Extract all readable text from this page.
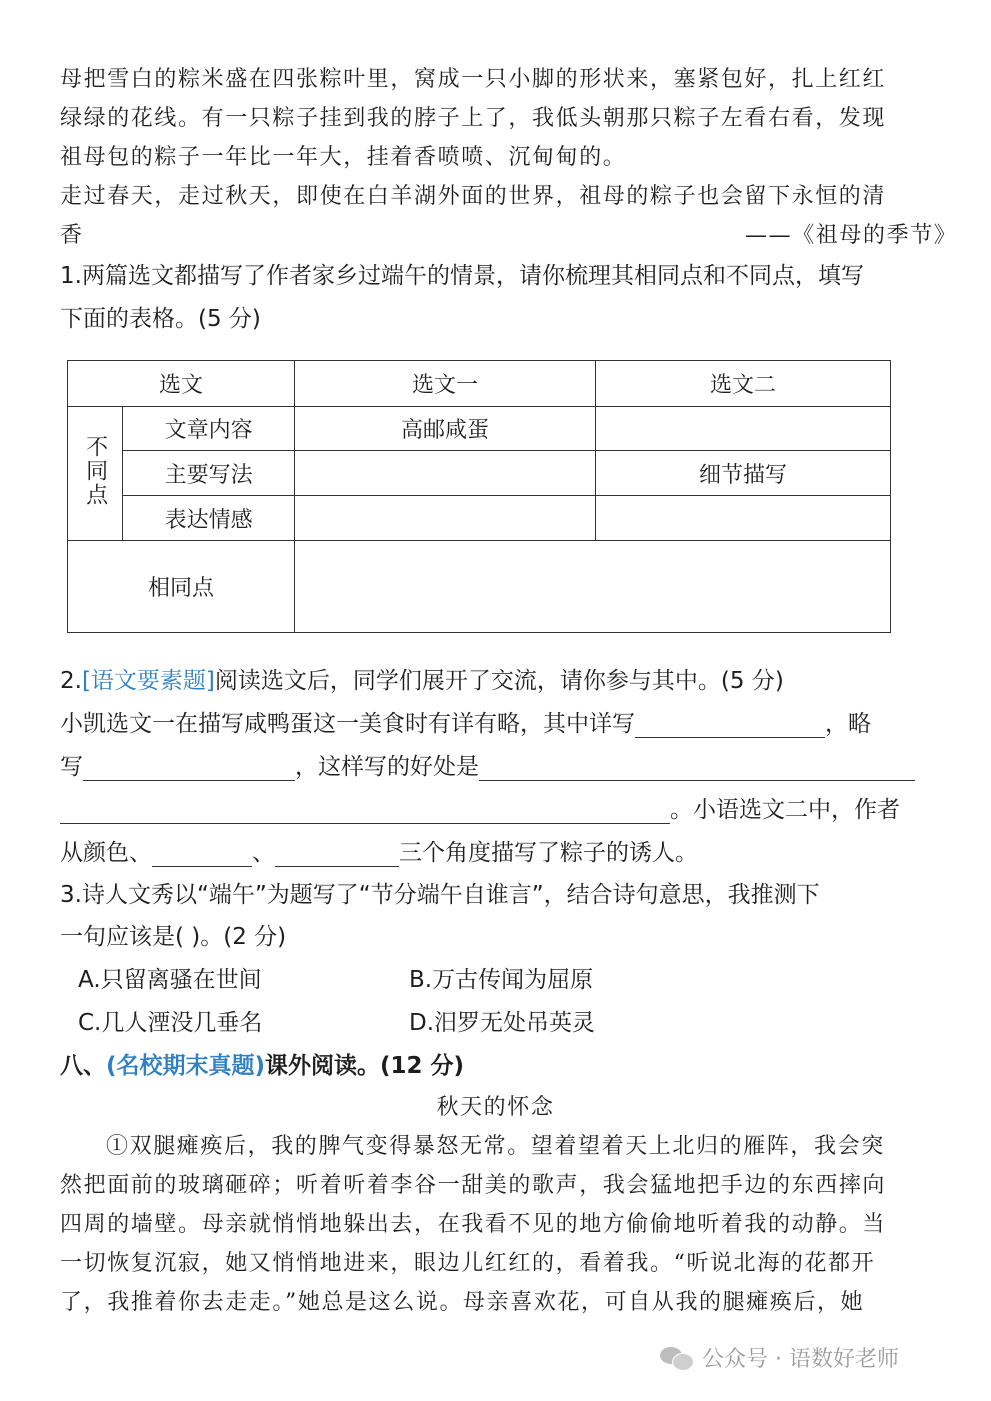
母把雪白的粽米盛在四张粽叶里，窝成一只小脚的形状来，塞紧包好，扎上红红
绿绿的花线。有一只粽子挂到我的脖子上了，我低头朝那只粽子左看右看，发现
祖母包的粽子一年比一年大，挂着香喷喷、沉甸甸的。
走过春天，走过秋天，即使在白羊湖外面的世界，祖母的粽子也会留下永恒的清
香	——《祖母的季节》
1.两篇选文都描写了作者家乡过端午的情景，请你梳理其相同点和不同点，填写
下面的表格。(5 分)
选文		选文一	选文二
不同点	文章内容	高邮咸蛋	
	主要写法		细节描写
	表达情感		
相同点			
2.[语文要素题]阅读选文后，同学们展开了交流，请你参与其中。(5 分)
小凯选文一在描写咸鸭蛋这一美食时有详有略，其中详写	，略
写	，这样写的好处是
。小语选文二中，作者
从颜色、	、	三个角度描写了粽子的诱人。
3.诗人文秀以“端午”为题写了“节分端午自谁言”，结合诗句意思，我推测下
一句应该是( )。(2 分)
A.只留离骚在世间	B.万古传闻为屈原
C.几人湮没几垂名	D.汨罗无处吊英灵
八、(名校期末真题)课外阅读。(12 分)
秋天的怀念
①双腿瘫痪后，我的脾气变得暴怒无常。望着望着天上北归的雁阵，我会突
然把面前的玻璃砸碎；听着听着李谷一甜美的歌声，我会猛地把手边的东西摔向
四周的墙壁。母亲就悄悄地躲出去，在我看不见的地方偷偷地听着我的动静。当
一切恢复沉寂，她又悄悄地进来，眼边儿红红的，看着我。“听说北海的花都开
了，我推着你去走走。”她总是这么说。母亲喜欢花，可自从我的腿瘫痪后，她
公众号 · 语数好老师
